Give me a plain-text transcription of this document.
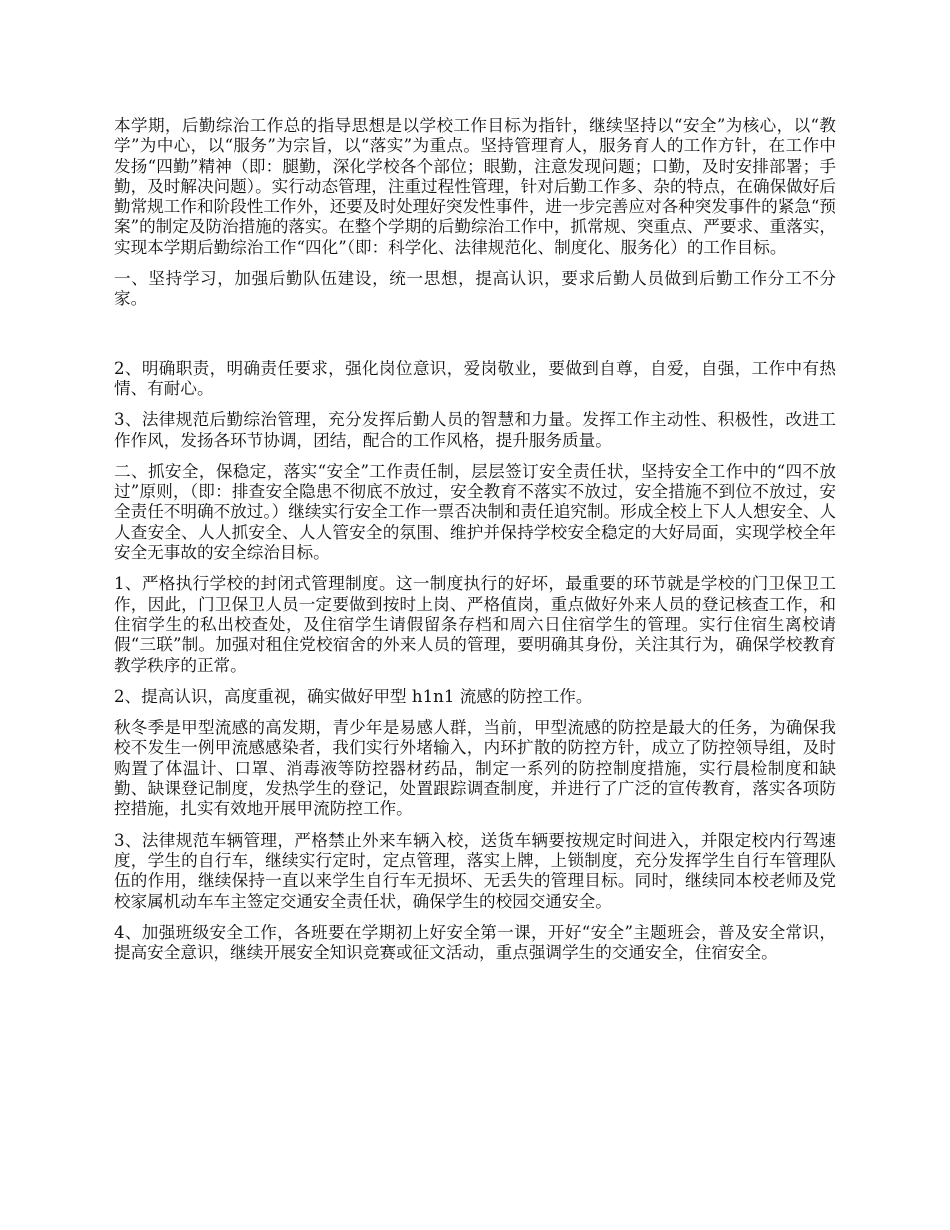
本学期，后勤综治工作总的指导思想是以学校工作目标为指针，继续坚持以“安全”为核心，以“教学”为中心，以“服务”为宗旨，以“落实”为重点。坚持管理育人，服务育人的工作方针，在工作中发扬“四勤”精神（即：腿勤，深化学校各个部位；眼勤，注意发现问题；口勤，及时安排部署；手勤，及时解决问题）。实行动态管理，注重过程性管理，针对后勤工作多、杂的特点，在确保做好后勤常规工作和阶段性工作外，还要及时处理好突发性事件，进一步完善应对各种突发事件的紧急“预案”的制定及防治措施的落实。在整个学期的后勤综治工作中，抓常规、突重点、严要求、重落实，实现本学期后勤综治工作“四化”（即：科学化、法律规范化、制度化、服务化）的工作目标。

一、坚持学习，加强后勤队伍建设，统一思想，提高认识，要求后勤人员做到后勤工作分工不分家。

2、明确职责，明确责任要求，强化岗位意识，爱岗敬业，要做到自尊，自爱，自强，工作中有热情、有耐心。

3、法律规范后勤综治管理，充分发挥后勤人员的智慧和力量。发挥工作主动性、积极性，改进工作作风，发扬各环节协调，团结，配合的工作风格，提升服务质量。

二、抓安全，保稳定，落实“安全”工作责任制，层层签订安全责任状，坚持安全工作中的“四不放过”原则，（即：排查安全隐患不彻底不放过，安全教育不落实不放过，安全措施不到位不放过，安全责任不明确不放过。）继续实行安全工作一票否决制和责任追究制。形成全校上下人人想安全、人人查安全、人人抓安全、人人管安全的氛围、维护并保持学校安全稳定的大好局面，实现学校全年安全无事故的安全综治目标。

1、严格执行学校的封闭式管理制度。这一制度执行的好坏，最重要的环节就是学校的门卫保卫工作，因此，门卫保卫人员一定要做到按时上岗、严格值岗，重点做好外来人员的登记核查工作，和住宿学生的私出校查处，及住宿学生请假留条存档和周六日住宿学生的管理。实行住宿生离校请假“三联”制。加强对租住党校宿舍的外来人员的管理，要明确其身份，关注其行为，确保学校教育教学秩序的正常。

2、提高认识，高度重视，确实做好甲型 h1n1 流感的防控工作。

秋冬季是甲型流感的高发期，青少年是易感人群，当前，甲型流感的防控是最大的任务，为确保我校不发生一例甲流感感染者，我们实行外堵输入，内环扩散的防控方针，成立了防控领导组，及时购置了体温计、口罩、消毒液等防控器材药品，制定一系列的防控制度措施，实行晨检制度和缺勤、缺课登记制度，发热学生的登记，处置跟踪调查制度，并进行了广泛的宣传教育，落实各项防控措施，扎实有效地开展甲流防控工作。

3、法律规范车辆管理，严格禁止外来车辆入校，送货车辆要按规定时间进入，并限定校内行驾速度，学生的自行车，继续实行定时，定点管理，落实上牌，上锁制度，充分发挥学生自行车管理队伍的作用，继续保持一直以来学生自行车无损坏、无丢失的管理目标。同时，继续同本校老师及党校家属机动车车主签定交通安全责任状，确保学生的校园交通安全。

4、加强班级安全工作，各班要在学期初上好安全第一课，开好“安全”主题班会，普及安全常识，提高安全意识，继续开展安全知识竞赛或征文活动，重点强调学生的交通安全，住宿安全。
